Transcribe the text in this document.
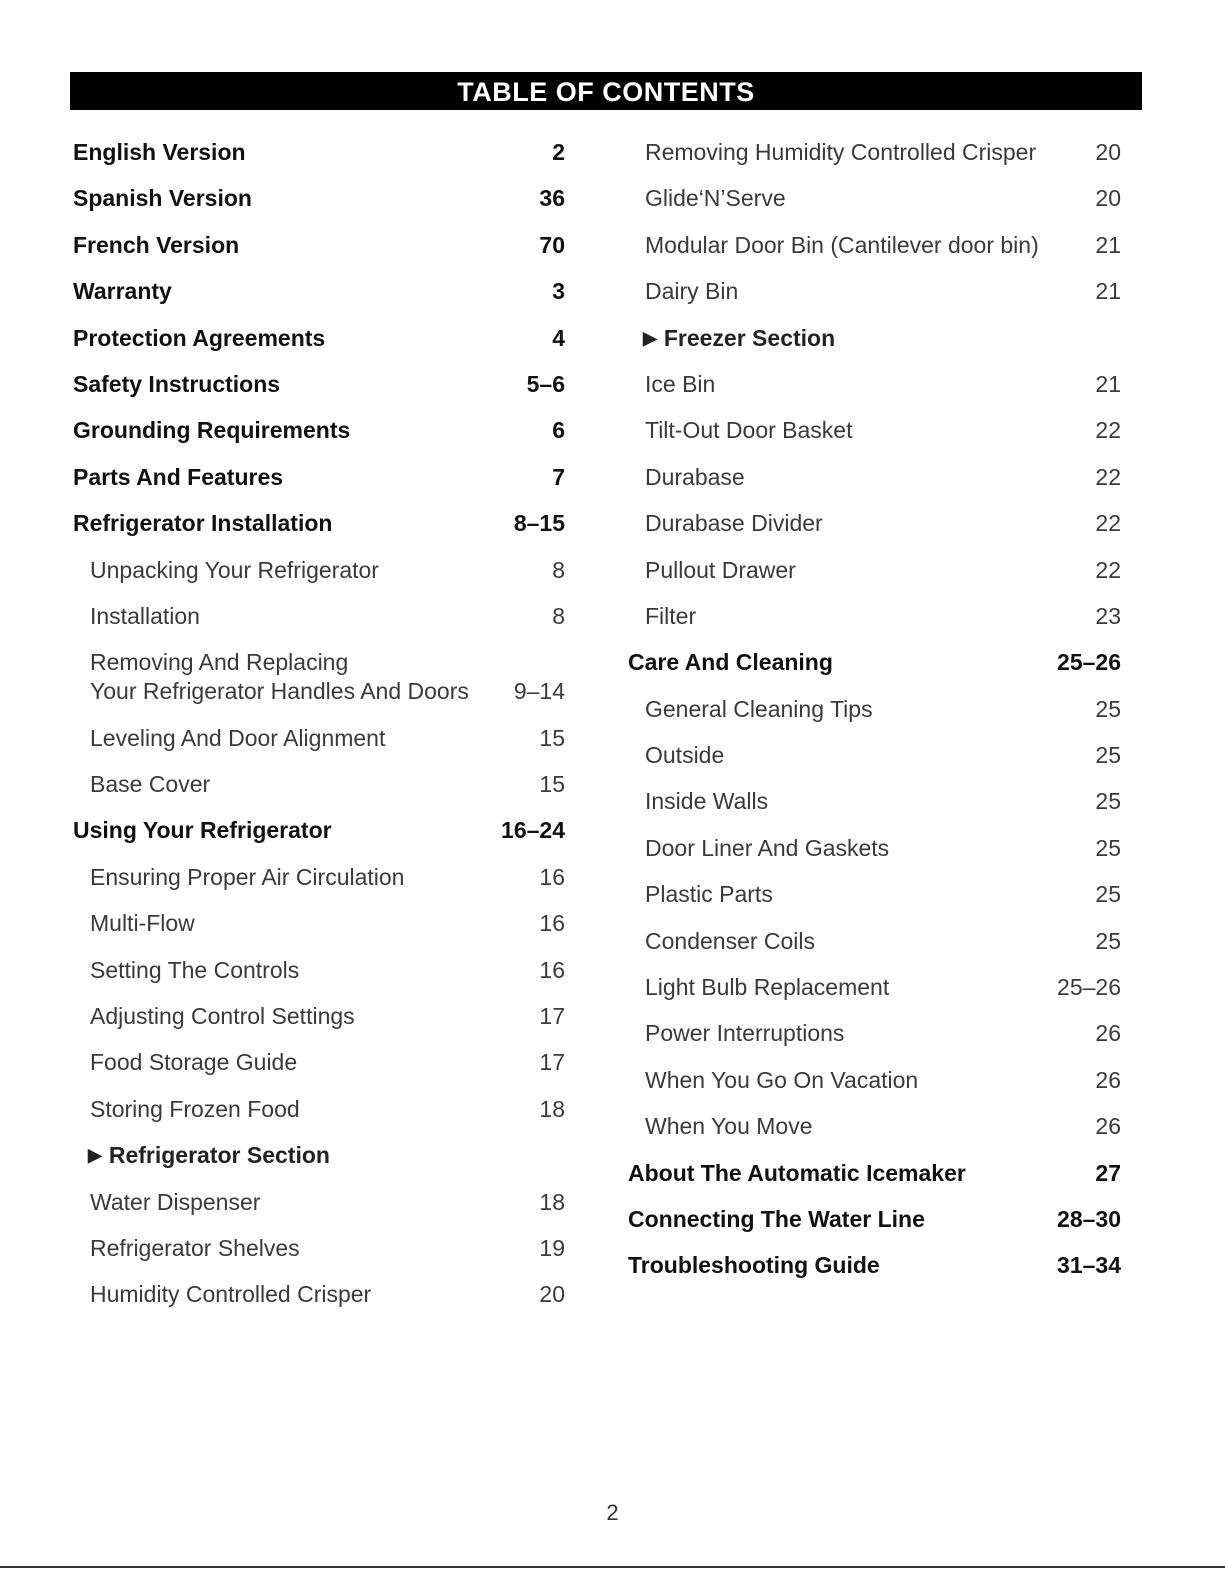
TABLE OF CONTENTS
English Version	2
Spanish Version	36
French Version	70
Warranty	3
Protection Agreements	4
Safety Instructions	5–6
Grounding Requirements	6
Parts And Features	7
Refrigerator Installation	8–15
Unpacking Your Refrigerator	8
Installation	8
Removing And Replacing
Your Refrigerator Handles And Doors	9–14
Leveling And Door Alignment	15
Base Cover	15
Using Your Refrigerator	16–24
Ensuring Proper Air Circulation	16
Multi-Flow	16
Setting The Controls	16
Adjusting Control Settings	17
Food Storage Guide	17
Storing Frozen Food	18
▶ Refrigerator Section
Water Dispenser	18
Refrigerator Shelves	19
Humidity Controlled Crisper	20
Removing Humidity Controlled Crisper	20
Glide‘N’Serve	20
Modular Door Bin (Cantilever door bin)	21
Dairy Bin	21
▶ Freezer Section
Ice Bin	21
Tilt-Out Door Basket	22
Durabase	22
Durabase Divider	22
Pullout Drawer	22
Filter	23
Care And Cleaning	25–26
General Cleaning Tips	25
Outside	25
Inside Walls	25
Door Liner And Gaskets	25
Plastic Parts	25
Condenser Coils	25
Light Bulb Replacement	25–26
Power Interruptions	26
When You Go On Vacation	26
When You Move	26
About The Automatic Icemaker	27
Connecting The Water Line	28–30
Troubleshooting Guide	31–34
2
